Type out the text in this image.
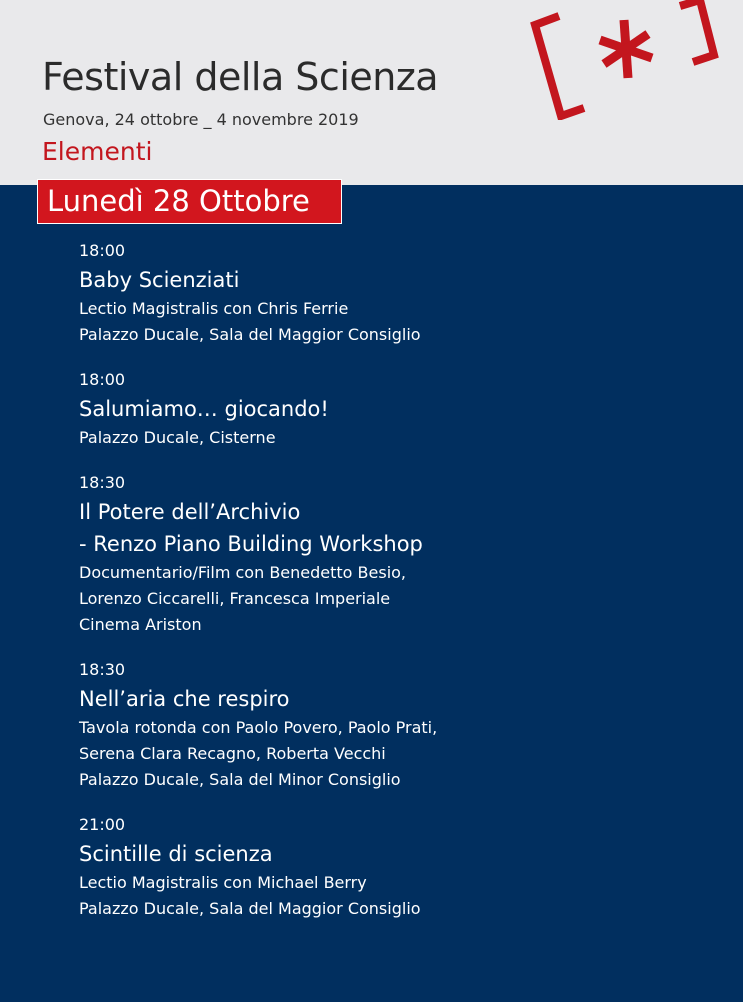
Festival della Scienza
Genova, 24 ottobre _ 4 novembre 2019
Elementi
Lunedì 28 Ottobre
18:00
Baby Scienziati
Lectio Magistralis con Chris Ferrie
Palazzo Ducale, Sala del Maggior Consiglio
18:00
Salumiamo… giocando!
Palazzo Ducale, Cisterne
18:30
Il Potere dell’Archivio
- Renzo Piano Building Workshop
Documentario/Film con Benedetto Besio,
Lorenzo Ciccarelli, Francesca Imperiale
Cinema Ariston
18:30
Nell’aria che respiro
Tavola rotonda con Paolo Povero, Paolo Prati,
Serena Clara Recagno, Roberta Vecchi
Palazzo Ducale, Sala del Minor Consiglio
21:00
Scintille di scienza
Lectio Magistralis con Michael Berry
Palazzo Ducale, Sala del Maggior Consiglio
